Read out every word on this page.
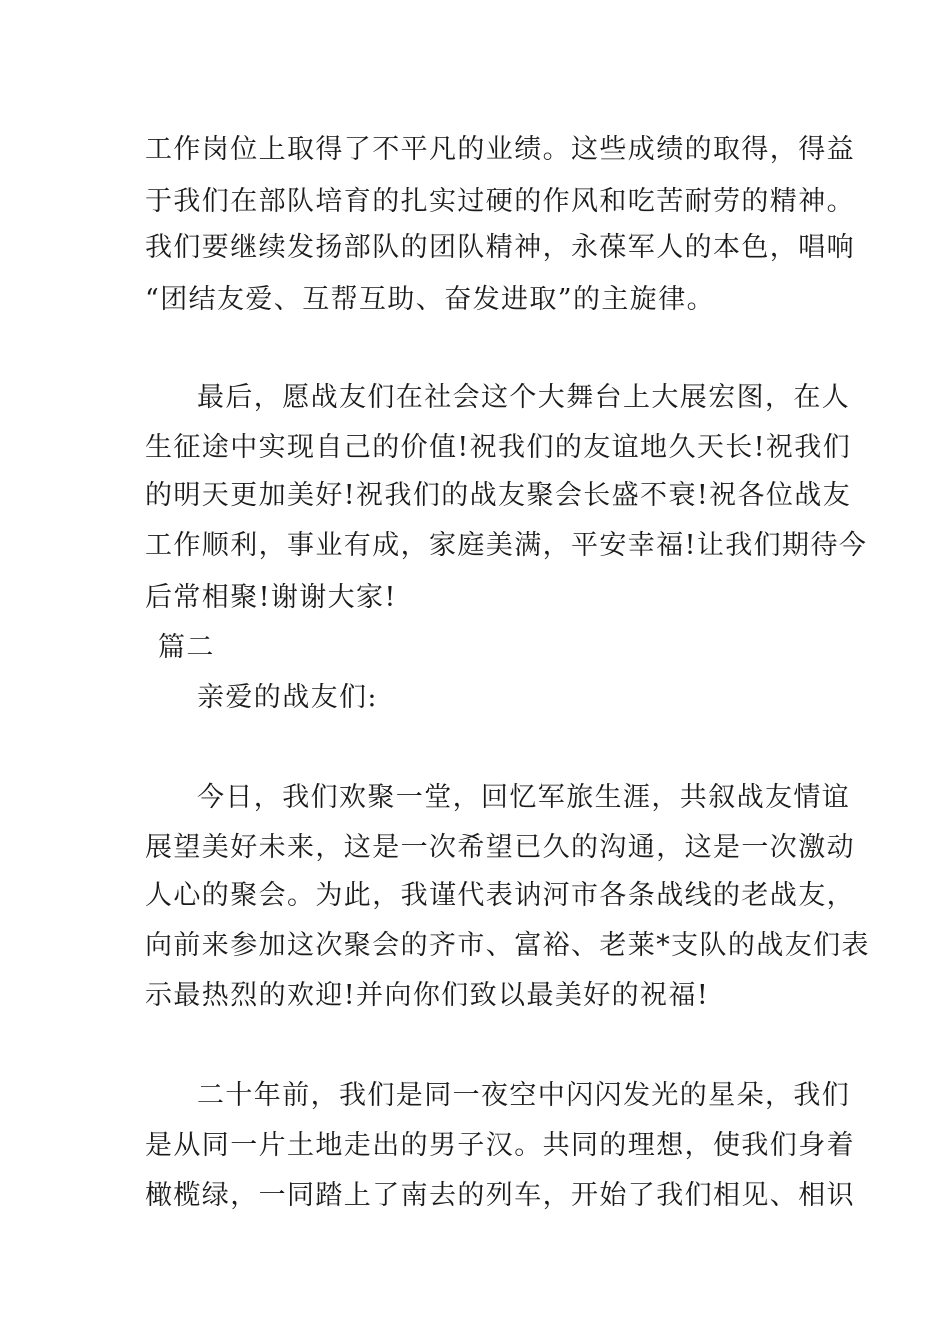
工作岗位上取得了不平凡的业绩。这些成绩的取得，得益
于我们在部队培育的扎实过硬的作风和吃苦耐劳的精神。
我们要继续发扬部队的团队精神，永葆军人的本色，唱响
“团结友爱、互帮互助、奋发进取”的主旋律。
最后，愿战友们在社会这个大舞台上大展宏图，在人
生征途中实现自己的价值!祝我们的友谊地久天长!祝我们
的明天更加美好!祝我们的战友聚会长盛不衰!祝各位战友
工作顺利，事业有成，家庭美满，平安幸福!让我们期待今
后常相聚!谢谢大家!
篇二
亲爱的战友们:
今日，我们欢聚一堂，回忆军旅生涯，共叙战友情谊
展望美好未来，这是一次希望已久的沟通，这是一次激动
人心的聚会。为此，我谨代表讷河市各条战线的老战友，
向前来参加这次聚会的齐市、富裕、老莱*支队的战友们表
示最热烈的欢迎!并向你们致以最美好的祝福!
二十年前，我们是同一夜空中闪闪发光的星朵，我们
是从同一片土地走出的男子汉。共同的理想，使我们身着
橄榄绿，一同踏上了南去的列车，开始了我们相见、相识
